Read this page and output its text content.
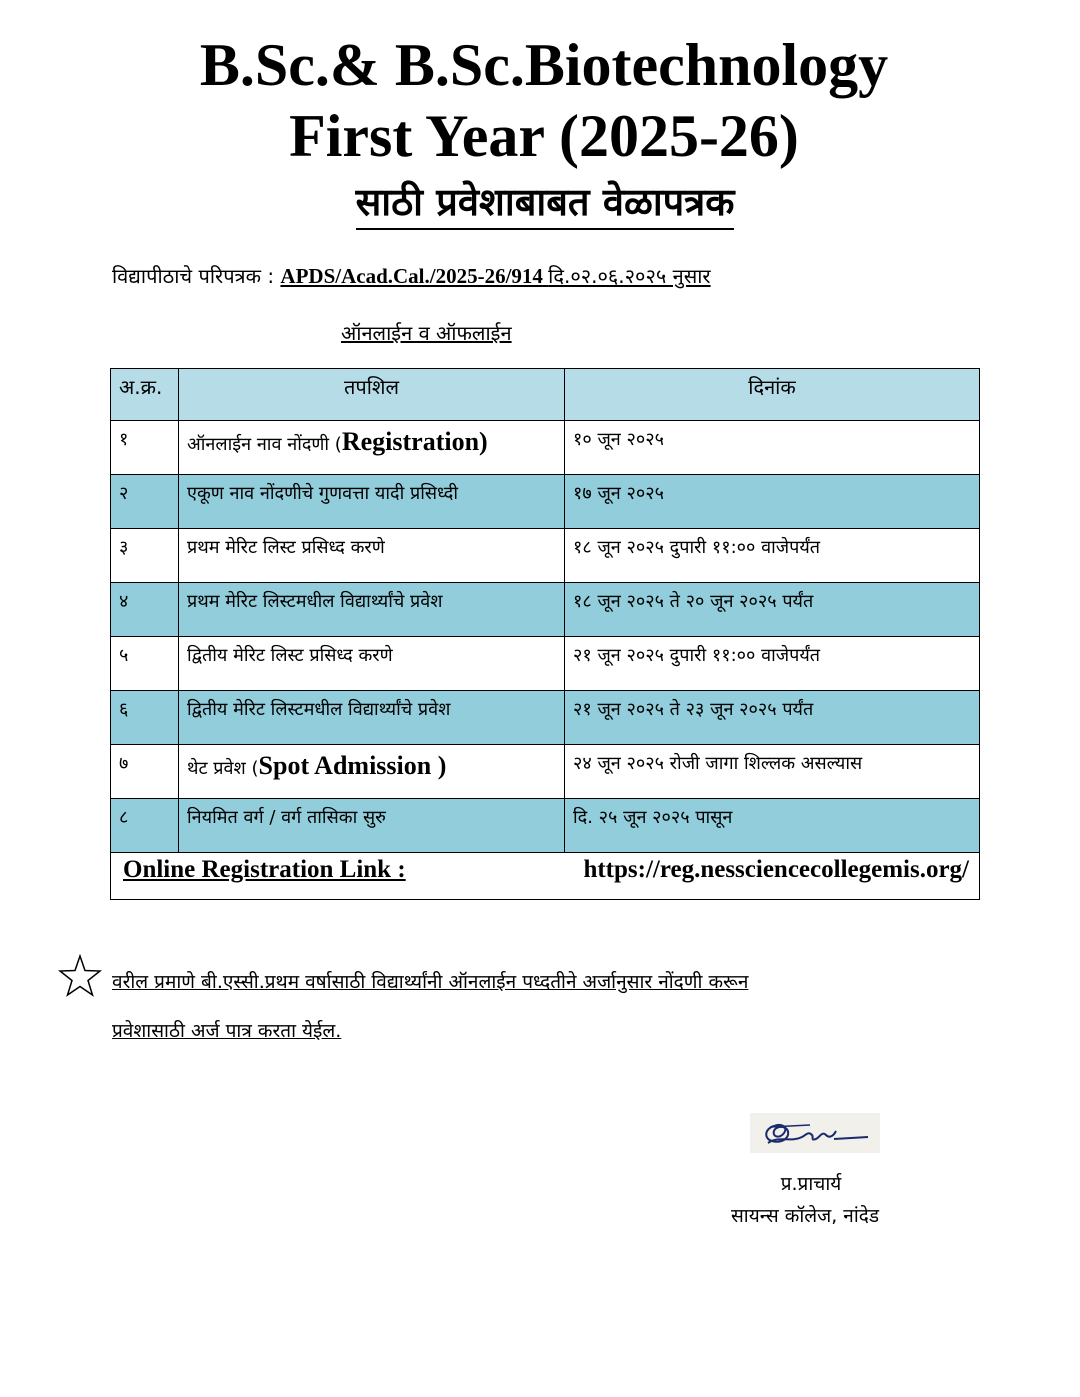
B.Sc.& B.Sc.Biotechnology
First Year (2025-26)
साठी प्रवेशाबाबत वेळापत्रक
विद्यापीठाचे परिपत्रक : APDS/Acad.Cal./2025-26/914 दि.०२.०६.२०२५ नुसार
ऑनलाईन व ऑफलाईन
अ.क्र.	तपशिल	दिनांक
१	ऑनलाईन नाव नोंदणी (Registration)	१० जून २०२५
२	एकूण नाव नोंदणीचे गुणवत्ता यादी प्रसिध्दी	१७ जून २०२५
३	प्रथम मेरिट लिस्ट प्रसिध्द करणे	१८ जून २०२५ दुपारी ११:०० वाजेपर्यंत
४	प्रथम मेरिट लिस्टमधील विद्यार्थ्यांचे प्रवेश	१८ जून २०२५ ते २० जून २०२५ पर्यंत
५	द्वितीय मेरिट लिस्ट प्रसिध्द करणे	२१ जून २०२५ दुपारी ११:०० वाजेपर्यंत
६	द्वितीय मेरिट लिस्टमधील विद्यार्थ्यांचे प्रवेश	२१ जून २०२५ ते २३ जून २०२५ पर्यंत
७	थेट प्रवेश (Spot Admission )	२४ जून २०२५ रोजी जागा शिल्लक असल्यास
८	नियमित वर्ग / वर्ग तासिका सुरु	दि. २५ जून २०२५ पासून
Online Registration Link : https://reg.nesscience​collegemis.org/		
वरील प्रमाणे बी.एस्सी.प्रथम वर्षासाठी विद्यार्थ्यांनी ऑनलाईन पध्दतीने अर्जानुसार नोंदणी करून
प्रवेशासाठी अर्ज पात्र करता येईल.
प्र.प्राचार्य
सायन्स कॉलेज, नांदेड
